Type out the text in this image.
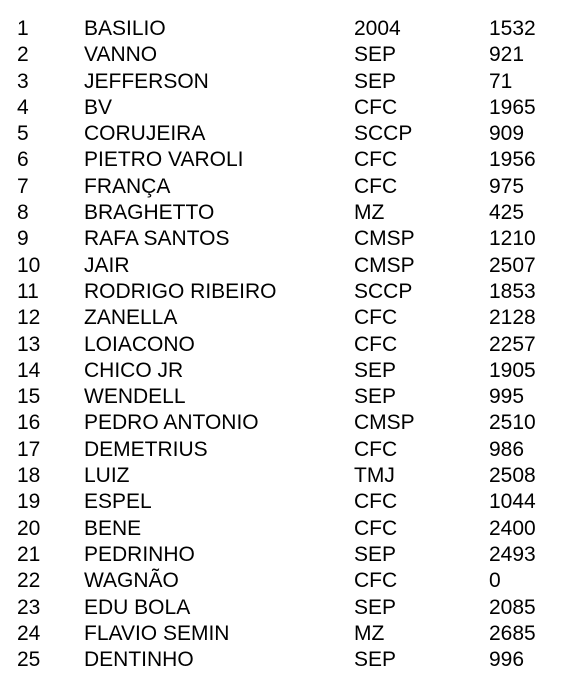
1	BASILIO	2004	1532
2	VANNO	SEP	921
3	JEFFERSON	SEP	71
4	BV	CFC	1965
5	CORUJEIRA	SCCP	909
6	PIETRO VAROLI	CFC	1956
7	FRANÇA	CFC	975
8	BRAGHETTO	MZ	425
9	RAFA SANTOS	CMSP	1210
10 JAIR	CMSP	2507
11 RODRIGO RIBEIRO	SCCP	1853
12 ZANELLA	CFC	2128
13 LOIACONO	CFC	2257
14 CHICO JR	SEP	1905
15 WENDELL	SEP	995
16 PEDRO ANTONIO	CMSP	2510
17 DEMETRIUS	CFC	986
18 LUIZ	TMJ	2508
19 ESPEL	CFC	1044
20 BENE	CFC	2400
21 PEDRINHO	SEP	2493
22 WAGNÃO	CFC	0
23 EDU BOLA	SEP	2085
24 FLAVIO SEMIN	MZ	2685
25 DENTINHO	SEP	996
